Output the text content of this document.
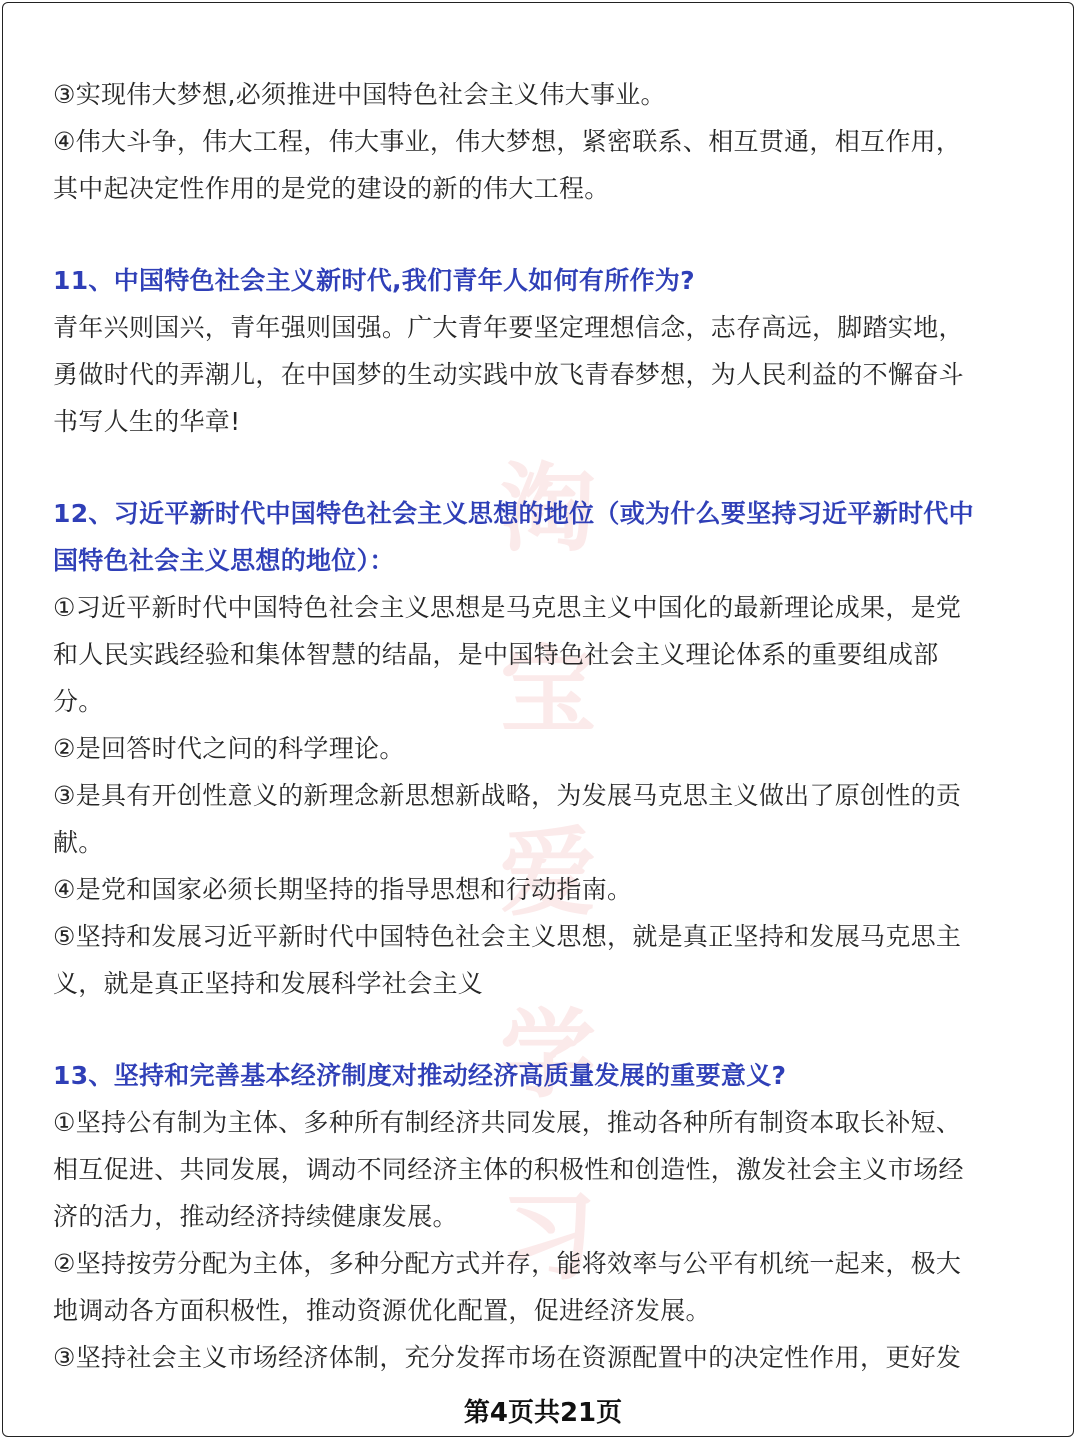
淘
宝
爱
学
习

③实现伟大梦想,必须推进中国特色社会主义伟大事业。

④伟大斗争，伟大工程，伟大事业，伟大梦想，紧密联系、相互贯通，相互作用，

其中起决定性作用的是党的建设的新的伟大工程。

11、中国特色社会主义新时代,我们青年人如何有所作为?

青年兴则国兴，青年强则国强。广大青年要坚定理想信念，志存高远，脚踏实地，

勇做时代的弄潮儿，在中国梦的生动实践中放飞青春梦想，为人民利益的不懈奋斗

书写人生的华章!

12、习近平新时代中国特色社会主义思想的地位（或为什么要坚持习近平新时代中

国特色社会主义思想的地位）：

①习近平新时代中国特色社会主义思想是马克思主义中国化的最新理论成果，是党

和人民实践经验和集体智慧的结晶，是中国特色社会主义理论体系的重要组成部

分。

②是回答时代之问的科学理论。

③是具有开创性意义的新理念新思想新战略，为发展马克思主义做出了原创性的贡

献。

④是党和国家必须长期坚持的指导思想和行动指南。

⑤坚持和发展习近平新时代中国特色社会主义思想，就是真正坚持和发展马克思主

义，就是真正坚持和发展科学社会主义

13、坚持和完善基本经济制度对推动经济高质量发展的重要意义?

①坚持公有制为主体、多种所有制经济共同发展，推动各种所有制资本取长补短、

相互促进、共同发展，调动不同经济主体的积极性和创造性，激发社会主义市场经

济的活力，推动经济持续健康发展。

②坚持按劳分配为主体，多种分配方式并存，能将效率与公平有机统一起来，极大

地调动各方面积极性，推动资源优化配置，促进经济发展。

③坚持社会主义市场经济体制，充分发挥市场在资源配置中的决定性作用，更好发

第4页共21页
